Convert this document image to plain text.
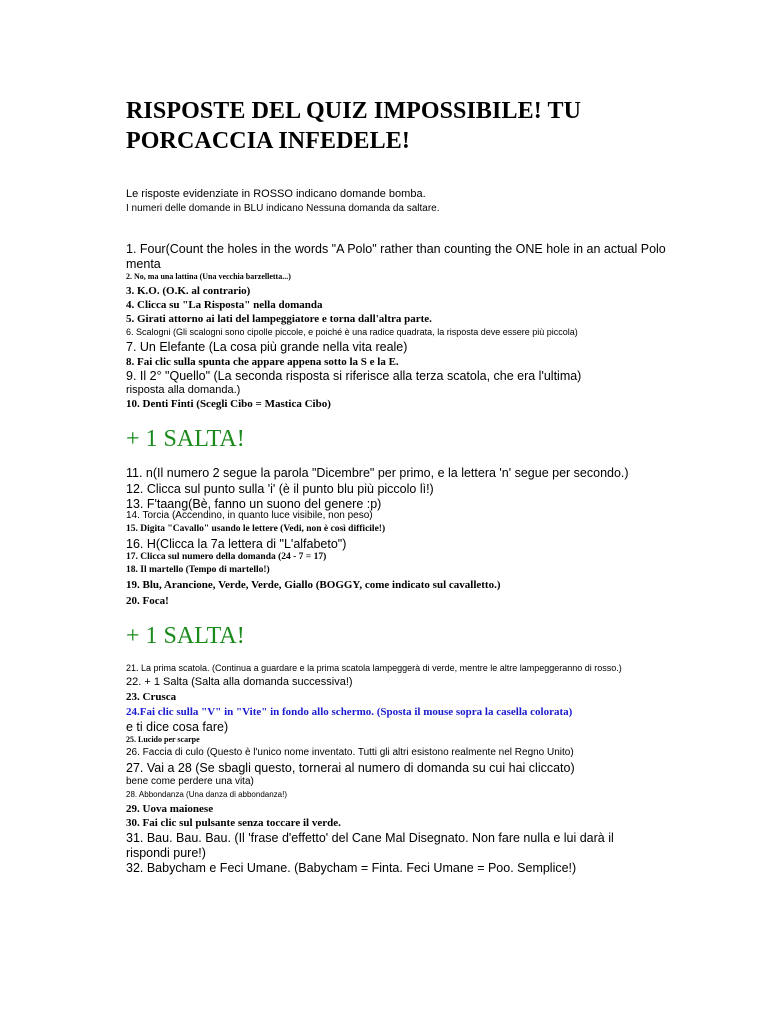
RISPOSTE DEL QUIZ IMPOSSIBILE! TU
PORCACCIA INFEDELE!
Le risposte evidenziate in ROSSO indicano domande bomba.
I numeri delle domande in BLU indicano Nessuna domanda da saltare.
1. Four(Count the holes in the words "A Polo" rather than counting the ONE hole in an actual Polo
menta
2. No, ma una lattina (Una vecchia barzelletta...)
3. K.O. (O.K. al contrario)
4. Clicca su "La Risposta" nella domanda
5. Girati attorno ai lati del lampeggiatore e torna dall'altra parte.
6. Scalogni (Gli scalogni sono cipolle piccole, e poiché è una radice quadrata, la risposta deve essere più piccola)
7. Un Elefante (La cosa più grande nella vita reale)
8. Fai clic sulla spunta che appare appena sotto la S e la E.
9. Il 2° "Quello" (La seconda risposta si riferisce alla terza scatola, che era l'ultima)
risposta alla domanda.)
10. Denti Finti (Scegli Cibo = Mastica Cibo)
+ 1 SALTA!
11. n(Il numero 2 segue la parola "Dicembre" per primo, e la lettera 'n' segue per secondo.)
12. Clicca sul punto sulla 'i' (è il punto blu più piccolo lì!)
13. F'taang(Bè, fanno un suono del genere :p)
14. Torcia (Accendino, in quanto luce visibile, non peso)
15. Digita "Cavallo" usando le lettere (Vedi, non è così difficile!)
16. H(Clicca la 7a lettera di "L'alfabeto")
17. Clicca sul numero della domanda (24 - 7 = 17)
18. Il martello (Tempo di martello!)
19. Blu, Arancione, Verde, Verde, Giallo (BOGGY, come indicato sul cavalletto.)
20. Foca!
+ 1 SALTA!
21. La prima scatola. (Continua a guardare e la prima scatola lampeggerà di verde, mentre le altre lampeggeranno di rosso.)
22. + 1 Salta (Salta alla domanda successiva!)
23. Crusca
24.Fai clic sulla "V" in "Vite" in fondo allo schermo. (Sposta il mouse sopra la casella colorata)
e ti dice cosa fare)
25. Lucido per scarpe
26. Faccia di culo (Questo è l'unico nome inventato. Tutti gli altri esistono realmente nel Regno Unito)
27. Vai a 28 (Se sbagli questo, tornerai al numero di domanda su cui hai cliccato)
bene come perdere una vita)
28. Abbondanza (Una danza di abbondanza!)
29. Uova maionese
30. Fai clic sul pulsante senza toccare il verde.
31. Bau. Bau. Bau. (Il 'frase d'effetto' del Cane Mal Disegnato. Non fare nulla e lui darà il
rispondi pure!)
32. Babycham e Feci Umane. (Babycham = Finta. Feci Umane = Poo. Semplice!)
